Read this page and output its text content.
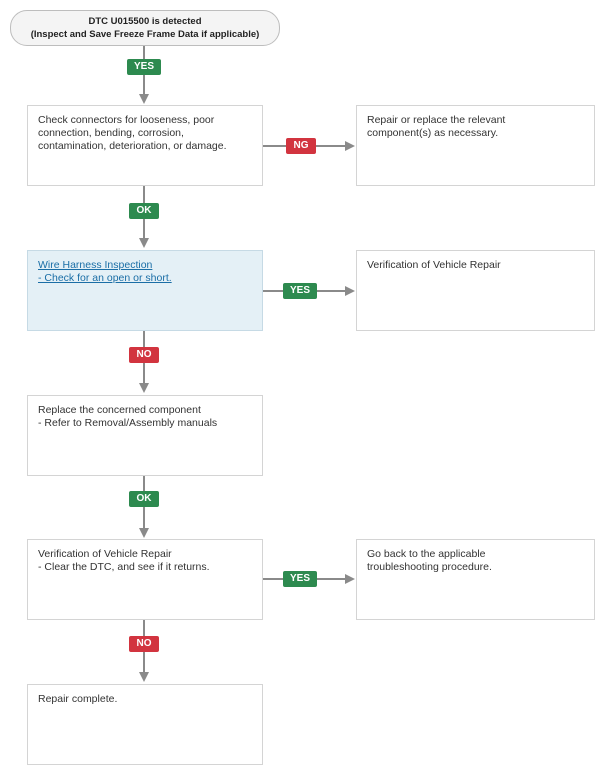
DTC U015500 is detected
(Inspect and Save Freeze Frame Data if applicable)
Check connectors for looseness, poor
connection, bending, corrosion,
contamination, deterioration, or damage.
Repair or replace the relevant
component(s) as necessary.
Wire Harness Inspection
- Check for an open or short.
Verification of Vehicle Repair
Replace the concerned component
- Refer to Removal/Assembly manuals
Verification of Vehicle Repair
- Clear the DTC, and see if it returns.
Go back to the applicable
troubleshooting procedure.
Repair complete.
YES
NG
OK
YES
NO
OK
YES
NO
